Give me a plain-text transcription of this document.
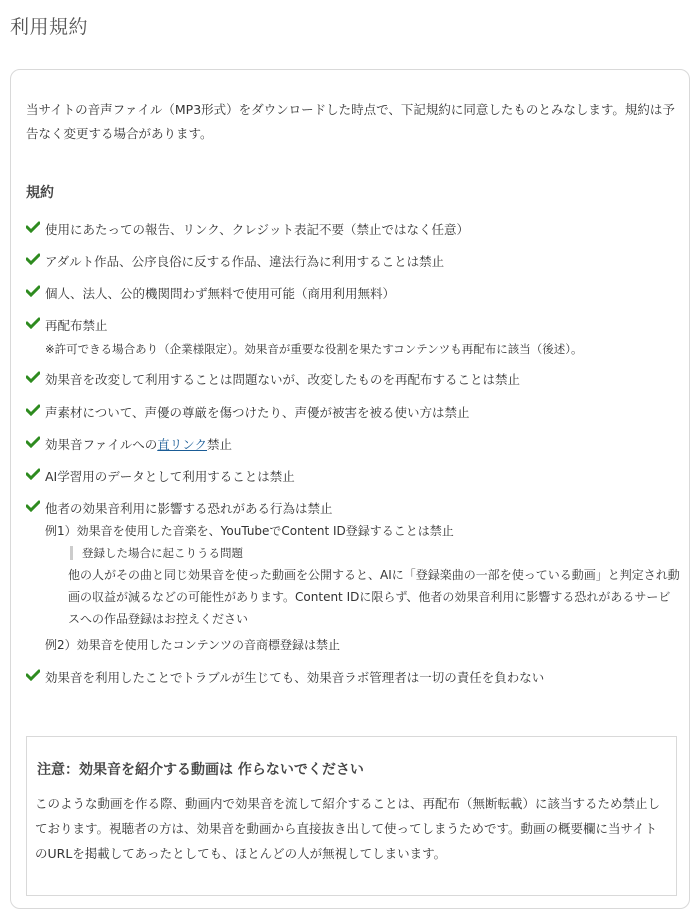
利用規約
当サイトの音声ファイル（MP3形式）をダウンロードした時点で、下記規約に同意したものとみなします。規約は予告なく変更する場合があります。
規約
使用にあたっての報告、リンク、クレジット表記不要（禁止ではなく任意）
アダルト作品、公序良俗に反する作品、違法行為に利用することは禁止
個人、法人、公的機関問わず無料で使用可能（商用利用無料）
再配布禁止
※許可できる場合あり（企業様限定）。効果音が重要な役割を果たすコンテンツも再配布に該当（後述）。
効果音を改変して利用することは問題ないが、改変したものを再配布することは禁止
声素材について、声優の尊厳を傷つけたり、声優が被害を被る使い方は禁止
効果音ファイルへの直リンク禁止
AI学習用のデータとして利用することは禁止
他者の効果音利用に影響する恐れがある行為は禁止
例1）効果音を使用した音楽を、YouTubeでContent ID登録することは禁止
登録した場合に起こりうる問題
他の人がその曲と同じ効果音を使った動画を公開すると、AIに「登録楽曲の一部を使っている動画」と判定され動画の収益が減るなどの可能性があります。Content IDに限らず、他者の効果音利用に影響する恐れがあるサービスへの作品登録はお控えください
例2）効果音を使用したコンテンツの音商標登録は禁止
効果音を利用したことでトラブルが生じても、効果音ラボ管理者は一切の責任を負わない
注意：効果音を紹介する動画は 作らないでください
このような動画を作る際、動画内で効果音を流して紹介することは、再配布（無断転載）に該当するため禁止しております。視聴者の方は、効果音を動画から直接抜き出して使ってしまうためです。動画の概要欄に当サイトのURLを掲載してあったとしても、ほとんどの人が無視してしまいます。
